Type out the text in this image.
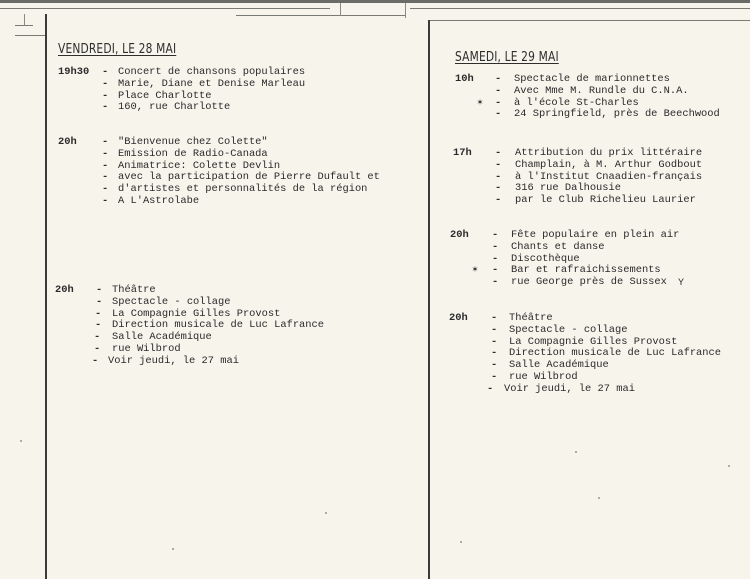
VENDREDI, LE 28 MAI
19h30 - Concert de chansons populaires
- Marie, Diane et Denise Marleau
- Place Charlotte
- 160, rue Charlotte
20h - "Bienvenue chez Colette"
- Emission de Radio-Canada
- Animatrice: Colette Devlin
- avec la participation de Pierre Dufault et
- d'artistes et personnalités de la région
- A L'Astrolabe
20h - Théâtre
- Spectacle - collage
- La Compagnie Gilles Provost
- Direction musicale de Luc Lafrance
- Salle Académique
- rue Wilbrod
- Voir jeudi, le 27 mai
SAMEDI, LE 29 MAI
10h - Spectacle de marionnettes
- Avec Mme M. Rundle du C.N.A.
✶ - à l'école St-Charles
- 24 Springfield, près de Beechwood
17h - Attribution du prix littéraire
- Champlain, à M. Arthur Godbout
- à l'Institut Cnaadien-français
- 316 rue Dalhousie
- par le Club Richelieu Laurier
20h - Fête populaire en plein air
- Chants et danse
- Discothèque
✶ - Bar et rafraichissements
- rue George près de Sussex Y
20h - Théâtre
- Spectacle - collage
- La Compagnie Gilles Provost
- Direction musicale de Luc Lafrance
- Salle Académique
- rue Wilbrod
- Voir jeudi, le 27 mai
